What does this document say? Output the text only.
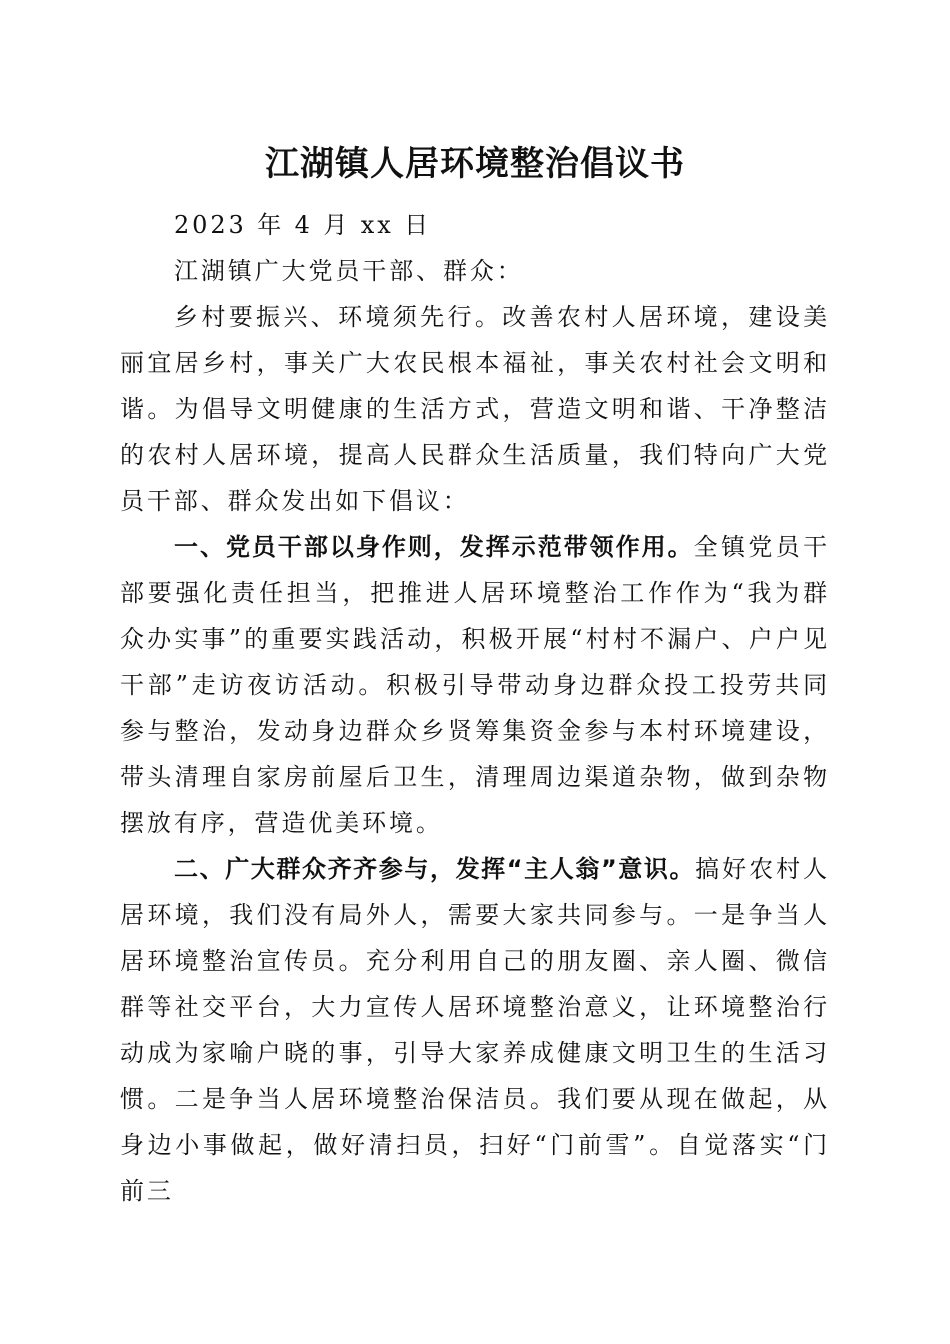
江湖镇人居环境整治倡议书

2023 年 4 月 xx 日

江湖镇广大党员干部、群众：

乡村要振兴、环境须先行。改善农村人居环境，建设美丽宜居乡村，事关广大农民根本福祉，事关农村社会文明和谐。为倡导文明健康的生活方式，营造文明和谐、干净整洁的农村人居环境，提高人民群众生活质量，我们特向广大党员干部、群众发出如下倡议：

一、党员干部以身作则，发挥示范带领作用。全镇党员干部要强化责任担当，把推进人居环境整治工作作为“我为群众办实事”的重要实践活动，积极开展“村村不漏户、户户见干部”走访夜访活动。积极引导带动身边群众投工投劳共同参与整治，发动身边群众乡贤筹集资金参与本村环境建设，带头清理自家房前屋后卫生，清理周边渠道杂物，做到杂物摆放有序，营造优美环境。

二、广大群众齐齐参与，发挥“主人翁”意识。搞好农村人居环境，我们没有局外人，需要大家共同参与。一是争当人居环境整治宣传员。充分利用自己的朋友圈、亲人圈、微信群等社交平台，大力宣传人居环境整治意义，让环境整治行动成为家喻户晓的事，引导大家养成健康文明卫生的生活习惯。二是争当人居环境整治保洁员。我们要从现在做起，从身边小事做起，做好清扫员，扫好“门前雪”。自觉落实“门前三
